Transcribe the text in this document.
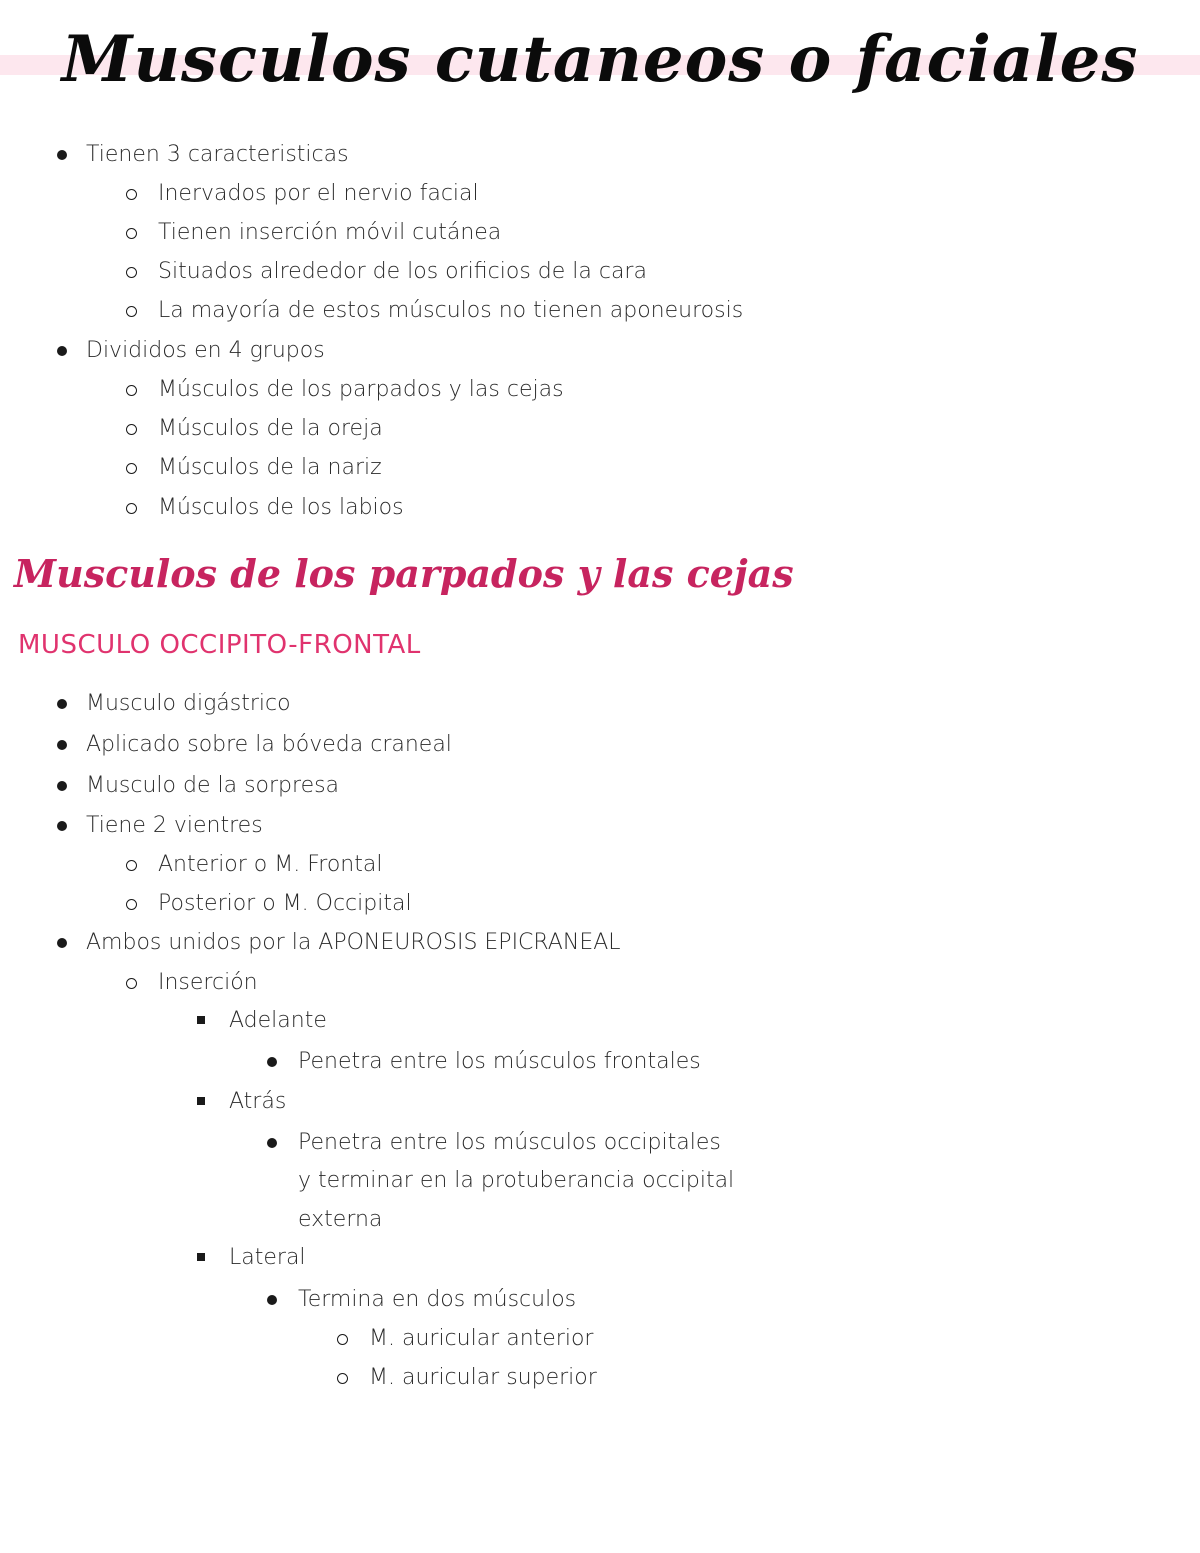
Musculos cutaneos o faciales
Tienen 3 caracteristicas
Inervados por el nervio facial
Tienen inserción móvil cutánea
Situados alrededor de los orificios de la cara
La mayoría de estos músculos no tienen aponeurosis
Divididos en 4 grupos
Músculos de los parpados y las cejas
Músculos de la oreja
Músculos de la nariz
Músculos de los labios
Musculos de los parpados y las cejas
MUSCULO OCCIPITO-FRONTAL
Musculo digástrico
Aplicado sobre la bóveda craneal
Musculo de la sorpresa
Tiene 2 vientres
Anterior o M. Frontal
Posterior o M. Occipital
Ambos unidos por la APONEUROSIS EPICRANEAL
Inserción
Adelante
Penetra entre los músculos frontales
Atrás
Penetra entre los músculos occipitales
y terminar en la protuberancia occipital
externa
Lateral
Termina en dos músculos
M. auricular anterior
M. auricular superior
